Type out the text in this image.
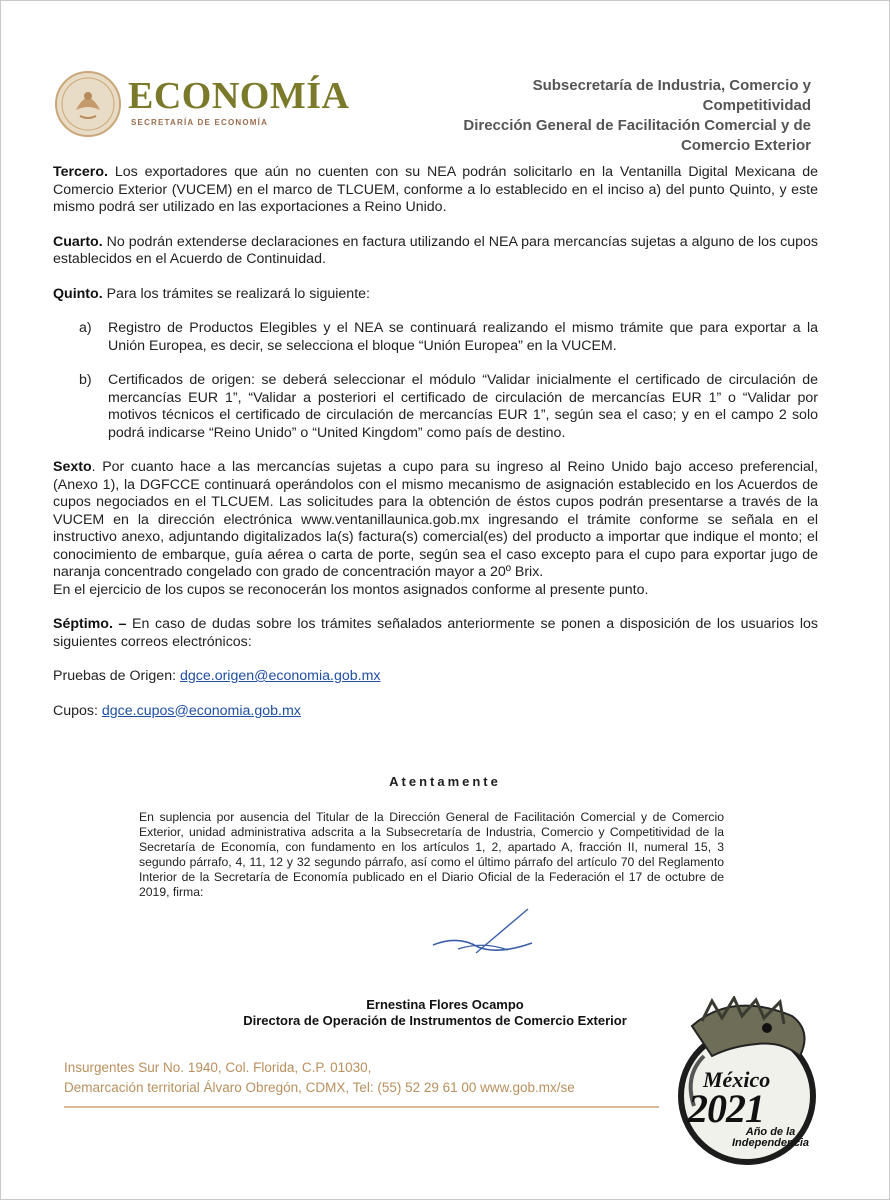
ECONOMÍA
SECRETARÍA DE ECONOMÍA
Subsecretaría de Industria, Comercio y
Competitividad
Dirección General de Facilitación Comercial y de
Comercio Exterior

Tercero. Los exportadores que aún no cuenten con su NEA podrán solicitarlo en la Ventanilla Digital Mexicana de Comercio Exterior (VUCEM) en el marco de TLCUEM, conforme a lo establecido en el inciso a) del punto Quinto, y este mismo podrá ser utilizado en las exportaciones a Reino Unido.

Cuarto. No podrán extenderse declaraciones en factura utilizando el NEA para mercancías sujetas a alguno de los cupos establecidos en el Acuerdo de Continuidad.

Quinto. Para los trámites se realizará lo siguiente:

a)	Registro de Productos Elegibles y el NEA se continuará realizando el mismo trámite que para exportar a la Unión Europea, es decir, se selecciona el bloque “Unión Europea” en la VUCEM.
b)	Certificados de origen: se deberá seleccionar el módulo “Validar inicialmente el certificado de circulación de mercancías EUR 1”, “Validar a posteriori el certificado de circulación de mercancías EUR 1” o “Validar por motivos técnicos el certificado de circulación de mercancías EUR 1”, según sea el caso; y en el campo 2 solo podrá indicarse “Reino Unido” o “United Kingdom” como país de destino.

Sexto. Por cuanto hace a las mercancías sujetas a cupo para su ingreso al Reino Unido bajo acceso preferencial, (Anexo 1), la DGFCCE continuará operándolos con el mismo mecanismo de asignación establecido en los Acuerdos de cupos negociados en el TLCUEM. Las solicitudes para la obtención de éstos cupos podrán presentarse a través de la VUCEM en la dirección electrónica www.ventanillaunica.gob.mx ingresando el trámite conforme se señala en el instructivo anexo, adjuntando digitalizados la(s) factura(s) comercial(es) del producto a importar que indique el monto; el conocimiento de embarque, guía aérea o carta de porte, según sea el caso excepto para el cupo para exportar jugo de naranja concentrado congelado con grado de concentración mayor a 20º Brix.

En el ejercicio de los cupos se reconocerán los montos asignados conforme al presente punto.

Séptimo. – En caso de dudas sobre los trámites señalados anteriormente se ponen a disposición de los usuarios los siguientes correos electrónicos:

Pruebas de Origen: dgce.origen@economia.gob.mx

Cupos: dgce.cupos@economia.gob.mx

Atentamente
En suplencia por ausencia del Titular de la Dirección General de Facilitación Comercial y de Comercio Exterior, unidad administrativa adscrita a la Subsecretaría de Industria, Comercio y Competitividad de la Secretaría de Economía, con fundamento en los artículos 1, 2, apartado A, fracción II, numeral 15, 3 segundo párrafo, 4, 11, 12 y 32 segundo párrafo, así como el último párrafo del artículo 70 del Reglamento Interior de la Secretaría de Economía publicado en el Diario Oficial de la Federación el 17 de octubre de 2019, firma:
Ernestina Flores Ocampo
Directora de Operación de Instrumentos de Comercio Exterior
Insurgentes Sur No. 1940, Col. Florida, C.P. 01030,
Demarcación territorial Álvaro Obregón, CDMX, Tel: (55) 52 29 61 00 www.gob.mx/se	México
2021
Año de la
Independencia
